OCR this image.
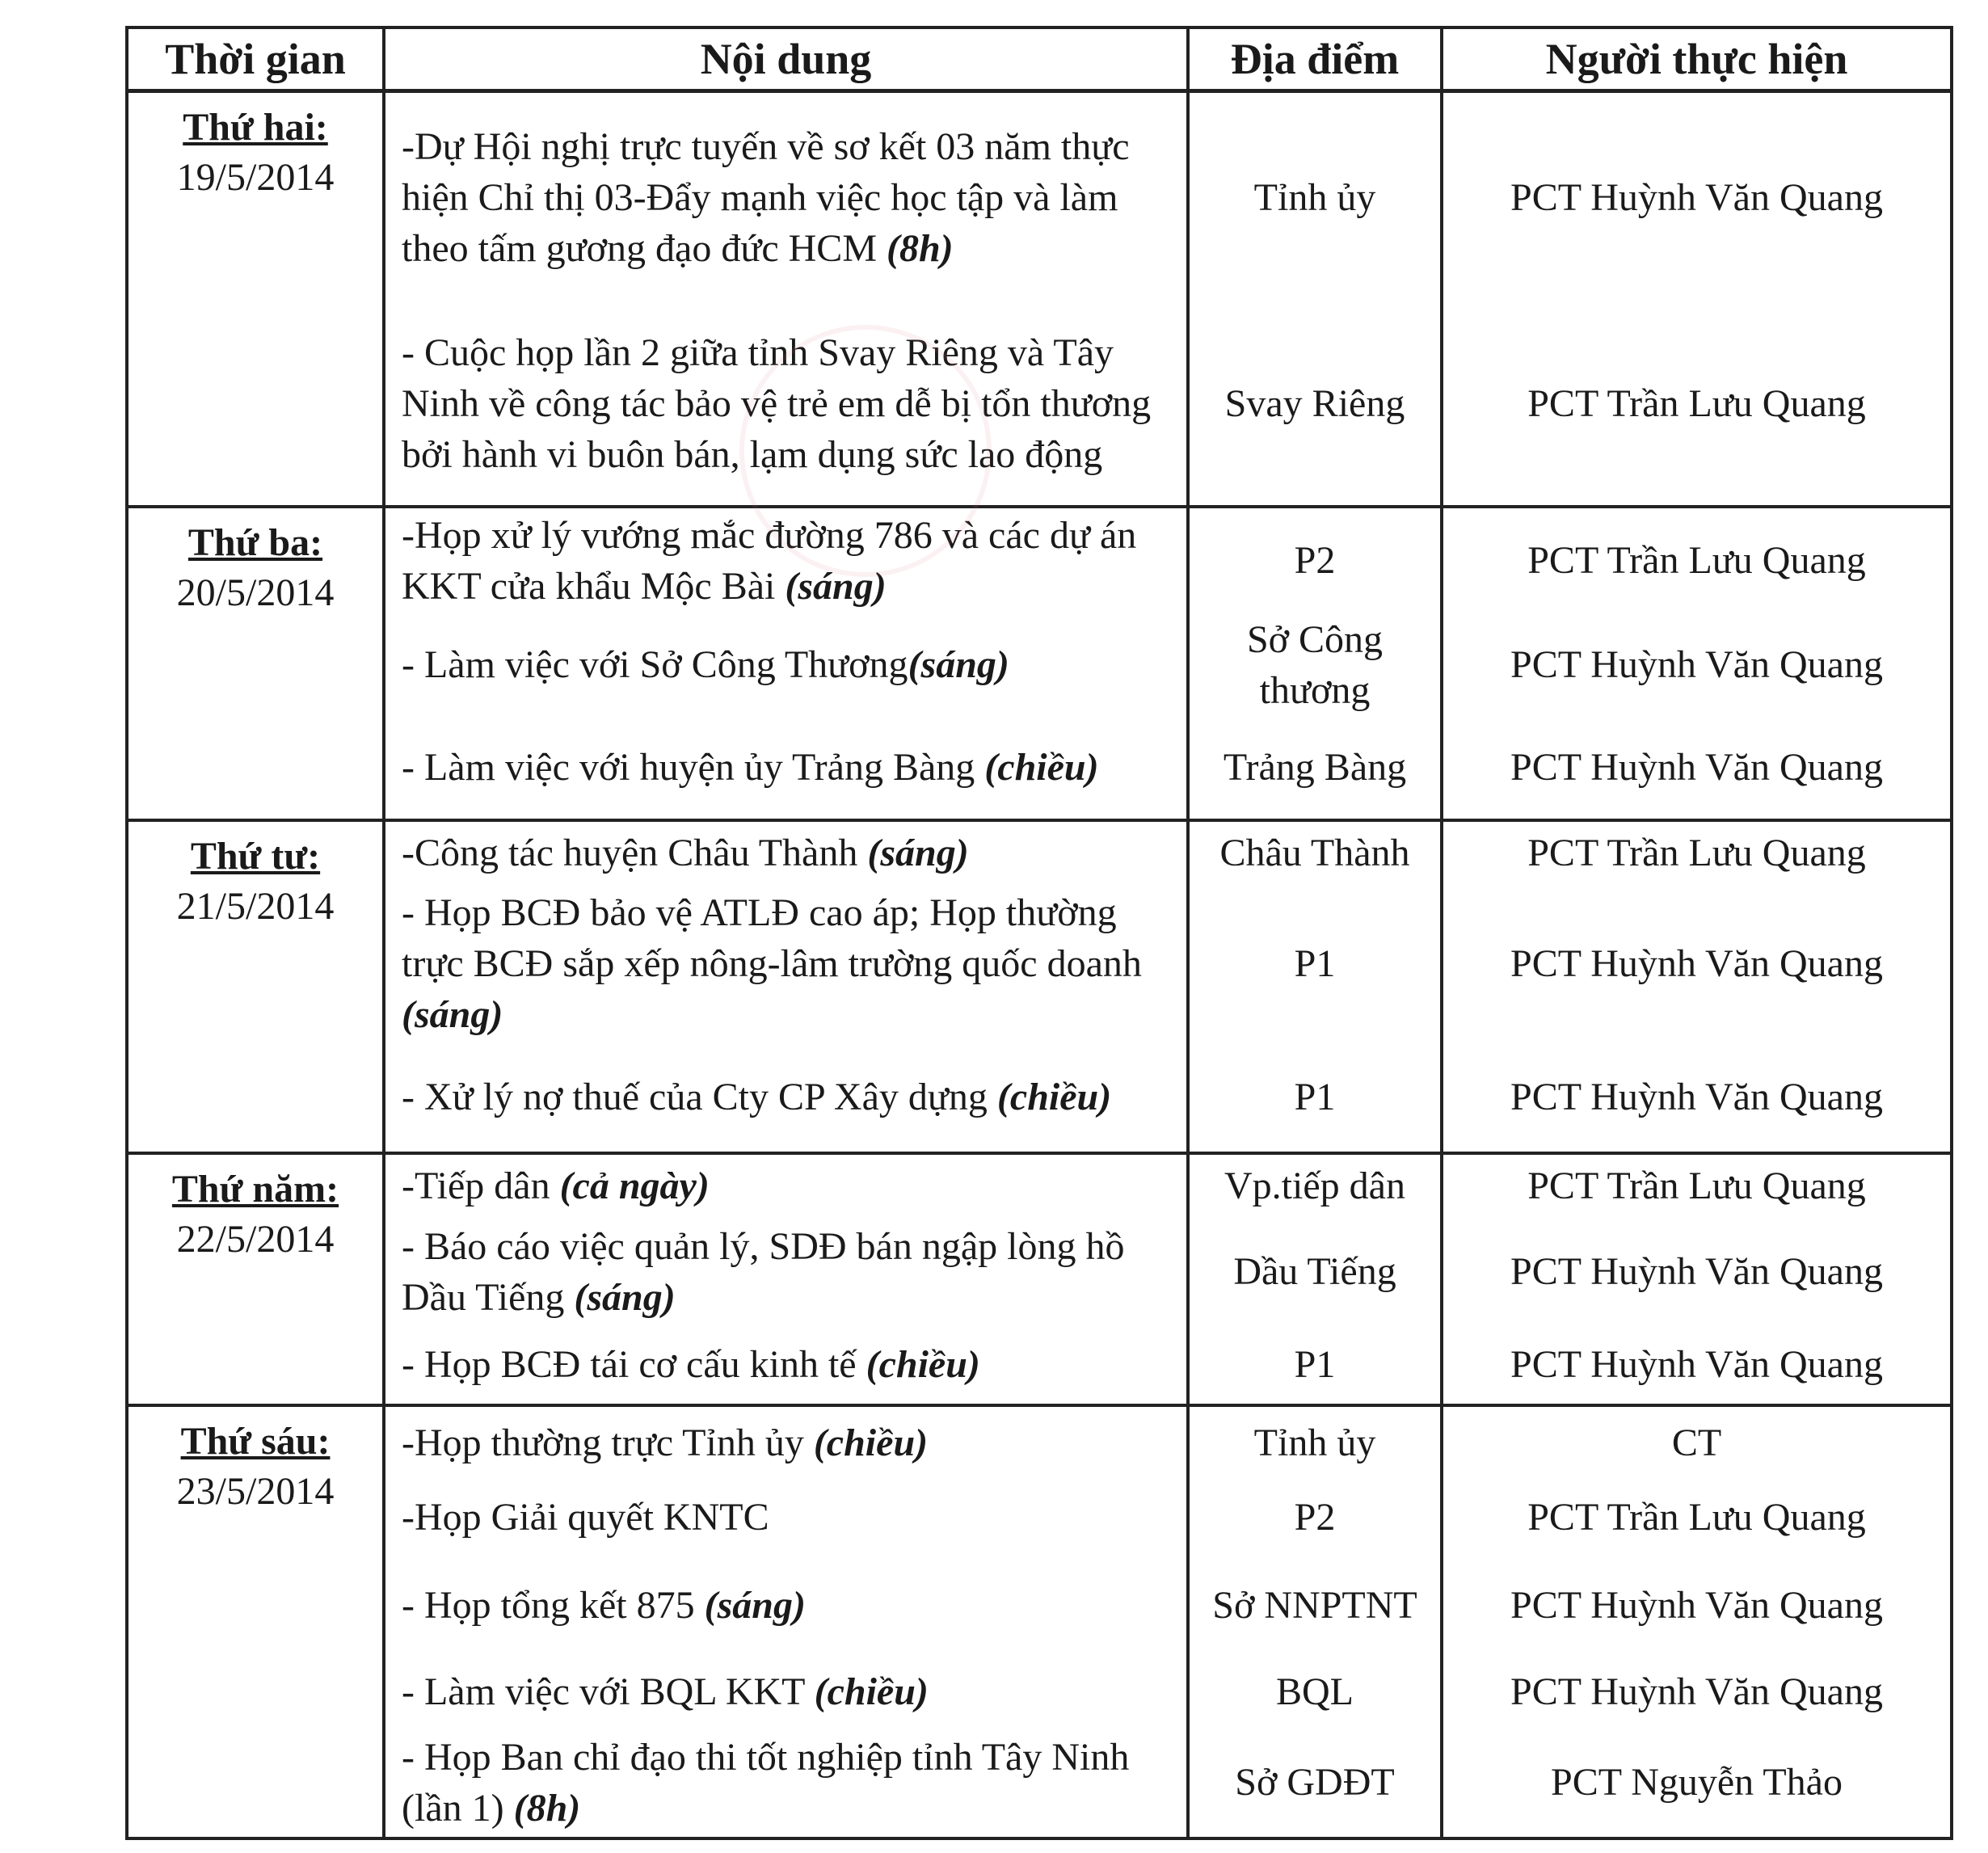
Thời gian	Nội dung	Địa điểm	Người thực hiện

Thứ hai:
19/5/2014	-Dự Hội nghị trực tuyến về sơ kết 03 năm thực hiện Chỉ thị 03-Đẩy mạnh việc học tập và làm theo tấm gương đạo đức HCM (8h)	Tỉnh ủy	PCT Huỳnh Văn Quang
	- Cuộc họp lần 2 giữa tỉnh Svay Riêng và Tây Ninh về công tác bảo vệ trẻ em dễ bị tổn thương bởi hành vi buôn bán, lạm dụng sức lao động	Svay Riêng	PCT Trần Lưu Quang

Thứ ba:
20/5/2014	-Họp xử lý vướng mắc đường 786 và các dự án KKT cửa khẩu Mộc Bài (sáng)	P2	PCT Trần Lưu Quang
	- Làm việc với Sở Công Thương(sáng)	Sở Công thương	PCT Huỳnh Văn Quang
	- Làm việc với huyện ủy Trảng Bàng (chiều)	Trảng Bàng	PCT Huỳnh Văn Quang

Thứ tư:
21/5/2014	-Công tác huyện Châu Thành (sáng)	Châu Thành	PCT Trần Lưu Quang
	- Họp BCĐ bảo vệ ATLĐ cao áp; Họp thường trực BCĐ sắp xếp nông-lâm trường quốc doanh (sáng)	P1	PCT Huỳnh Văn Quang
	- Xử lý nợ thuế của Cty CP Xây dựng (chiều)	P1	PCT Huỳnh Văn Quang

Thứ năm:
22/5/2014	-Tiếp dân (cả ngày)	Vp.tiếp dân	PCT Trần Lưu Quang
	- Báo cáo việc quản lý, SDĐ bán ngập lòng hồ Dầu Tiếng (sáng)	Dầu Tiếng	PCT Huỳnh Văn Quang
	- Họp BCĐ tái cơ cấu kinh tế (chiều)	P1	PCT Huỳnh Văn Quang

Thứ sáu:
23/5/2014	-Họp thường trực Tỉnh ủy (chiều)	Tỉnh ủy	CT
	-Họp Giải quyết KNTC	P2	PCT Trần Lưu Quang
	- Họp tổng kết 875 (sáng)	Sở NNPTNT	PCT Huỳnh Văn Quang
	- Làm việc với BQL KKT (chiều)	BQL	PCT Huỳnh Văn Quang
	- Họp Ban chỉ đạo thi tốt nghiệp tỉnh Tây Ninh (lần 1) (8h)	Sở GDĐT	PCT Nguyễn Thảo
